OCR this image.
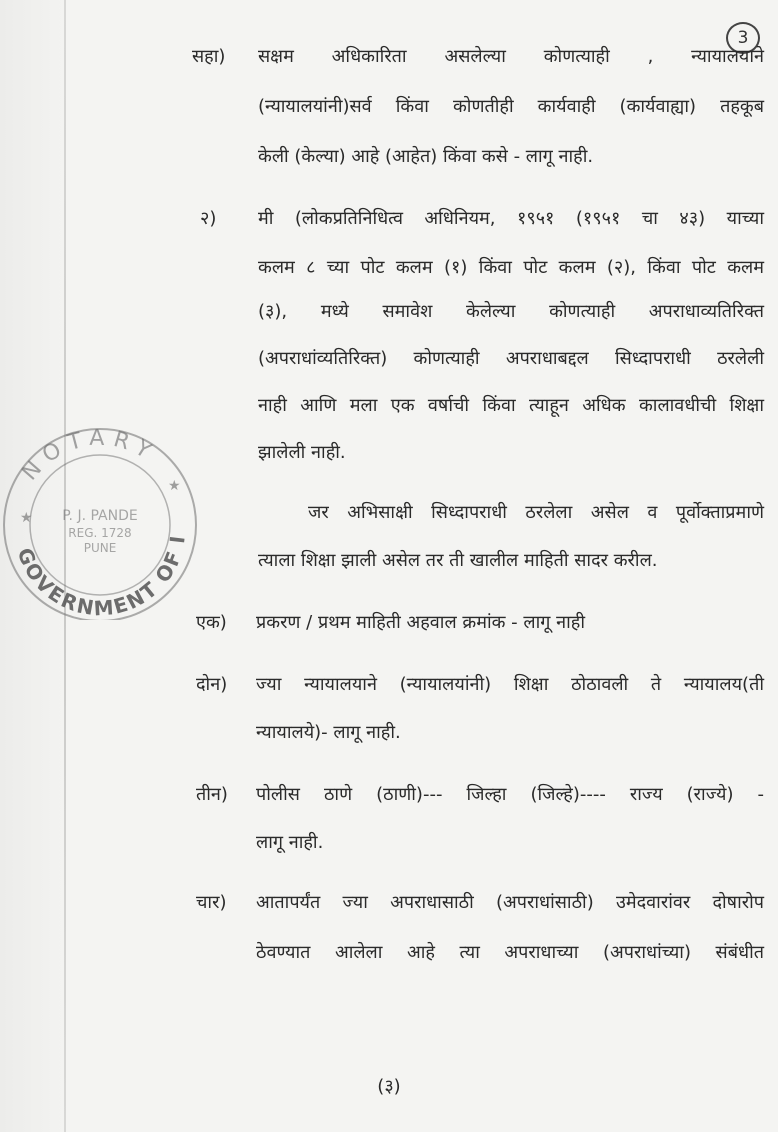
3
NOTARY
GOVERNMENT OF I
P. J. PANDE
REG. 1728
PUNE
★
★
सहा) सक्षम अधिकारिता असलेल्या कोणत्याही , न्यायालयाने
(न्यायालयांनी)सर्व किंवा कोणतीही कार्यवाही (कार्यवाह्या) तहकूब
केली (केल्या) आहे (आहेत) किंवा कसे - लागू नाही.
२) मी (लोकप्रतिनिधित्व अधिनियम, १९५१ (१९५१ चा ४३) याच्या
कलम ८ च्या पोट कलम (१) किंवा पोट कलम (२), किंवा पोट कलम
(३), मध्ये समावेश केलेल्या कोणत्याही अपराधाव्यतिरिक्त
(अपराधांव्यतिरिक्त) कोणत्याही अपराधाबद्दल सिध्दापराधी ठरलेली
नाही आणि मला एक वर्षाची किंवा त्याहून अधिक कालावधीची शिक्षा
झालेली नाही.
जर अभिसाक्षी सिध्दापराधी ठरलेला असेल व पूर्वोक्ताप्रमाणे
त्याला शिक्षा झाली असेल तर ती खालील माहिती सादर करील.
एक) प्रकरण / प्रथम माहिती अहवाल क्रमांक - लागू नाही
दोन) ज्या न्यायालयाने (न्यायालयांनी) शिक्षा ठोठावली ते न्यायालय(ती
न्यायालये)- लागू नाही.
तीन) पोलीस ठाणे (ठाणी)--- जिल्हा (जिल्हे)---- राज्य (राज्ये) -
लागू नाही.
चार) आतापर्यंत ज्या अपराधासाठी (अपराधांसाठी) उमेदवारांवर दोषारोप
ठेवण्यात आलेला आहे त्या अपराधाच्या (अपराधांच्या) संबंधीत
(३)
